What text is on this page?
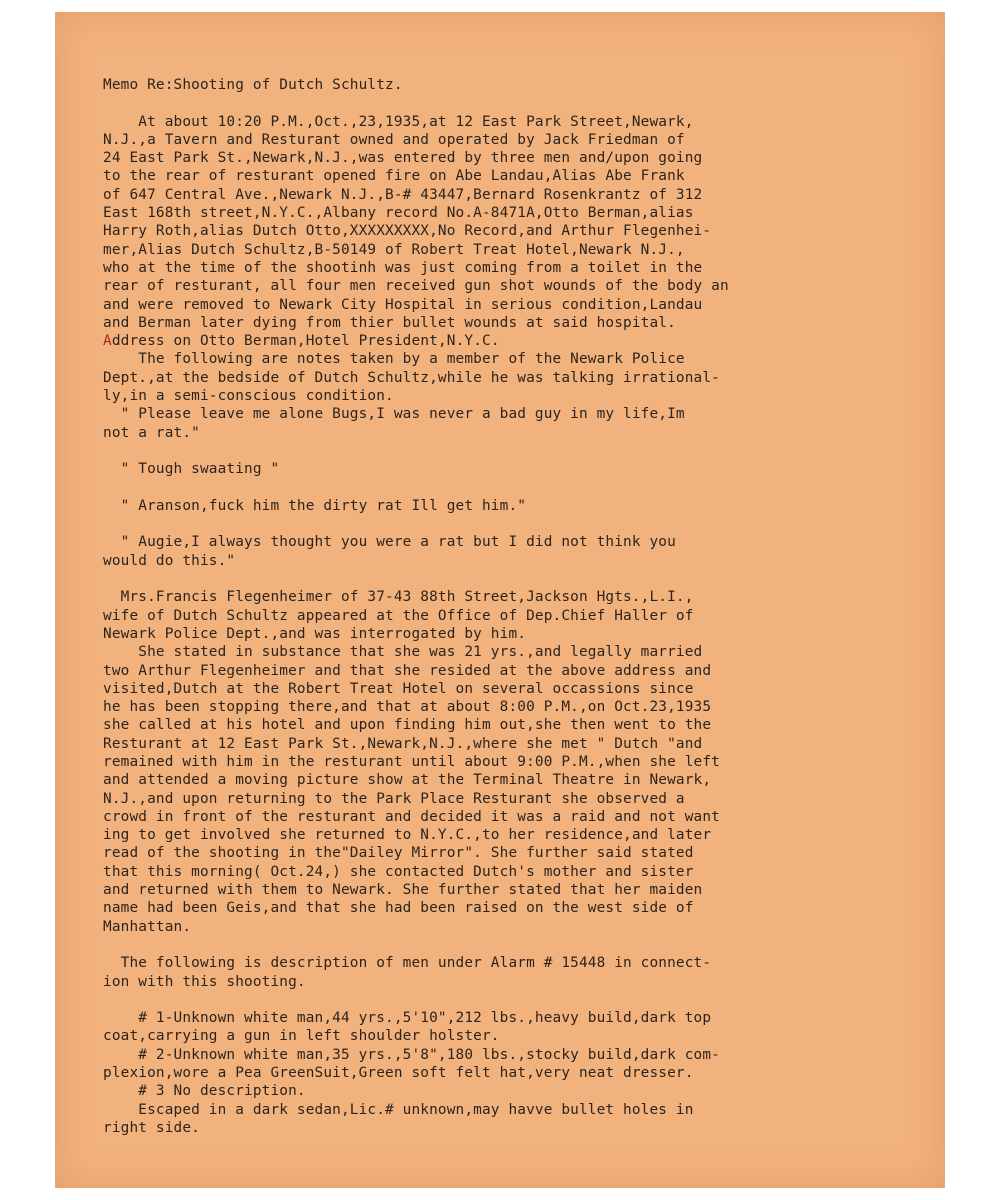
Memo Re:Shooting of Dutch Schultz.
At about 10:20 P.M.,Oct.,23,1935,at 12 East Park Street,Newark,
N.J.,a Tavern and Resturant owned and operated by Jack Friedman of
24 East Park St.,Newark,N.J.,was entered by three men and/upon going
to the rear of resturant opened fire on Abe Landau,Alias Abe Frank
of 647 Central Ave.,Newark N.J.,B-# 43447,Bernard Rosenkrantz of 312
East 168th street,N.Y.C.,Albany record No.A-8471A,Otto Berman,alias
Harry Roth,alias Dutch Otto,XXXXXXXXX,No Record,and Arthur Flegenhei-
mer,Alias Dutch Schultz,B-50149 of Robert Treat Hotel,Newark N.J.,
who at the time of the shootinh was just coming from a toilet in the
rear of resturant, all four men received gun shot wounds of the body an
and were removed to Newark City Hospital in serious condition,Landau
and Berman later dying from thier bullet wounds at said hospital.
Address on Otto Berman,Hotel President,N.Y.C.
The following are notes taken by a member of the Newark Police
Dept.,at the bedside of Dutch Schultz,while he was talking irrational-
ly,in a semi-conscious condition.
" Please leave me alone Bugs,I was never a bad guy in my life,Im
not a rat."
" Tough swaating "
" Aranson,fuck him the dirty rat Ill get him."
" Augie,I always thought you were a rat but I did not think you
would do this."
Mrs.Francis Flegenheimer of 37-43 88th Street,Jackson Hgts.,L.I.,
wife of Dutch Schultz appeared at the Office of Dep.Chief Haller of
Newark Police Dept.,and was interrogated by him.
She stated in substance that she was 21 yrs.,and legally married
two Arthur Flegenheimer and that she resided at the above address and
visited,Dutch at the Robert Treat Hotel on several occassions since
he has been stopping there,and that at about 8:00 P.M.,on Oct.23,1935
she called at his hotel and upon finding him out,she then went to the
Resturant at 12 East Park St.,Newark,N.J.,where she met " Dutch "and
remained with him in the resturant until about 9:00 P.M.,when she left
and attended a moving picture show at the Terminal Theatre in Newark,
N.J.,and upon returning to the Park Place Resturant she observed a
crowd in front of the resturant and decided it was a raid and not want
ing to get involved she returned to N.Y.C.,to her residence,and later
read of the shooting in the"Dailey Mirror". She further said stated
that this morning( Oct.24,) she contacted Dutch's mother and sister
and returned with them to Newark. She further stated that her maiden
name had been Geis,and that she had been raised on the west side of
Manhattan.
The following is description of men under Alarm # 15448 in connect-
ion with this shooting.
# 1-Unknown white man,44 yrs.,5'10",212 lbs.,heavy build,dark top
coat,carrying a gun in left shoulder holster.
# 2-Unknown white man,35 yrs.,5'8",180 lbs.,stocky build,dark com-
plexion,wore a Pea GreenSuit,Green soft felt hat,very neat dresser.
# 3 No description.
Escaped in a dark sedan,Lic.# unknown,may havve bullet holes in
right side.
